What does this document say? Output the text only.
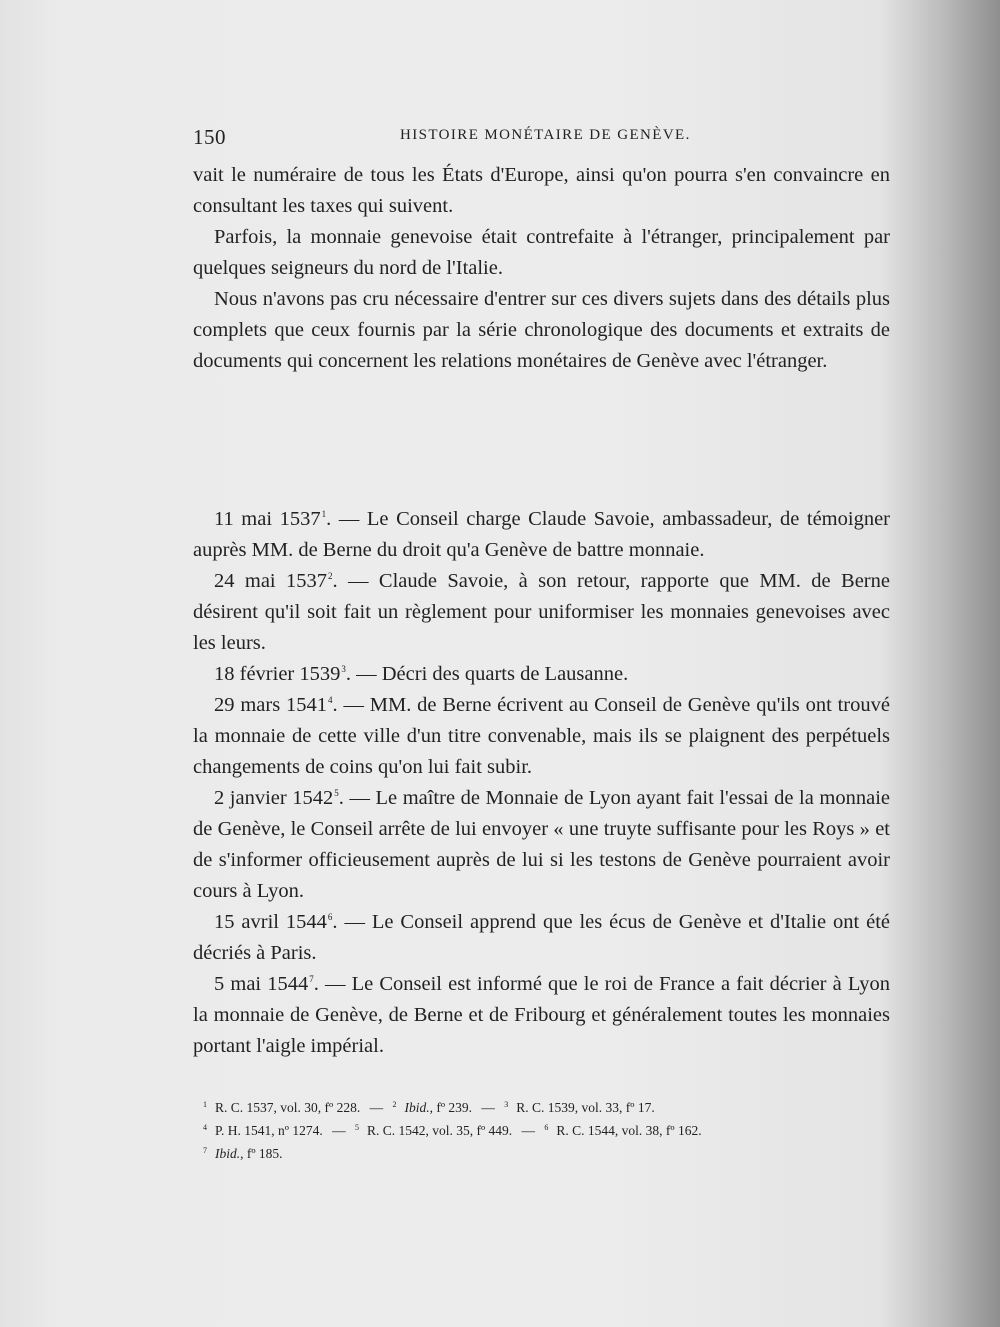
150	HISTOIRE MONÉTAIRE DE GENÈVE.

vait le numéraire de tous les États d'Europe, ainsi qu'on pourra s'en convaincre en consultant les taxes qui suivent.

Parfois, la monnaie genevoise était contrefaite à l'étranger, principalement par quelques seigneurs du nord de l'Italie.

Nous n'avons pas cru nécessaire d'entrer sur ces divers sujets dans des détails plus complets que ceux fournis par la série chronologique des documents et extraits de documents qui concernent les relations monétaires de Genève avec l'étranger.

11 mai 1537$^1$. — Le Conseil charge Claude Savoie, ambassadeur, de témoigner auprès MM. de Berne du droit qu'a Genève de battre monnaie.

24 mai 1537$^2$. — Claude Savoie, à son retour, rapporte que MM. de Berne désirent qu'il soit fait un règlement pour uniformiser les monnaies genevoises avec les leurs.

18 février 1539$^3$. — Décri des quarts de Lausanne.

29 mars 1541$^4$. — MM. de Berne écrivent au Conseil de Genève qu'ils ont trouvé la monnaie de cette ville d'un titre convenable, mais ils se plaignent des perpétuels changements de coins qu'on lui fait subir.

2 janvier 1542$^5$. — Le maître de Monnaie de Lyon ayant fait l'essai de la monnaie de Genève, le Conseil arrête de lui envoyer « une truyte suffisante pour les Roys » et de s'informer officieusement auprès de lui si les testons de Genève pourraient avoir cours à Lyon.

15 avril 1544$^6$. — Le Conseil apprend que les écus de Genève et d'Italie ont été décriés à Paris.

5 mai 1544$^7$. — Le Conseil est informé que le roi de France a fait décrier à Lyon la monnaie de Genève, de Berne et de Fribourg et généralement toutes les monnaies portant l'aigle impérial.

$^1$ R. C. 1537, vol. 30, fº 228. — $^2$ Ibid., fº 239. — $^3$ R. C. 1539, vol. 33, fº 17.
$^4$ P. H. 1541, nº 1274. — $^5$ R. C. 1542, vol. 35, fº 449. — $^6$ R. C. 1544, vol. 38, fº 162.
$^7$ Ibid., fº 185.
